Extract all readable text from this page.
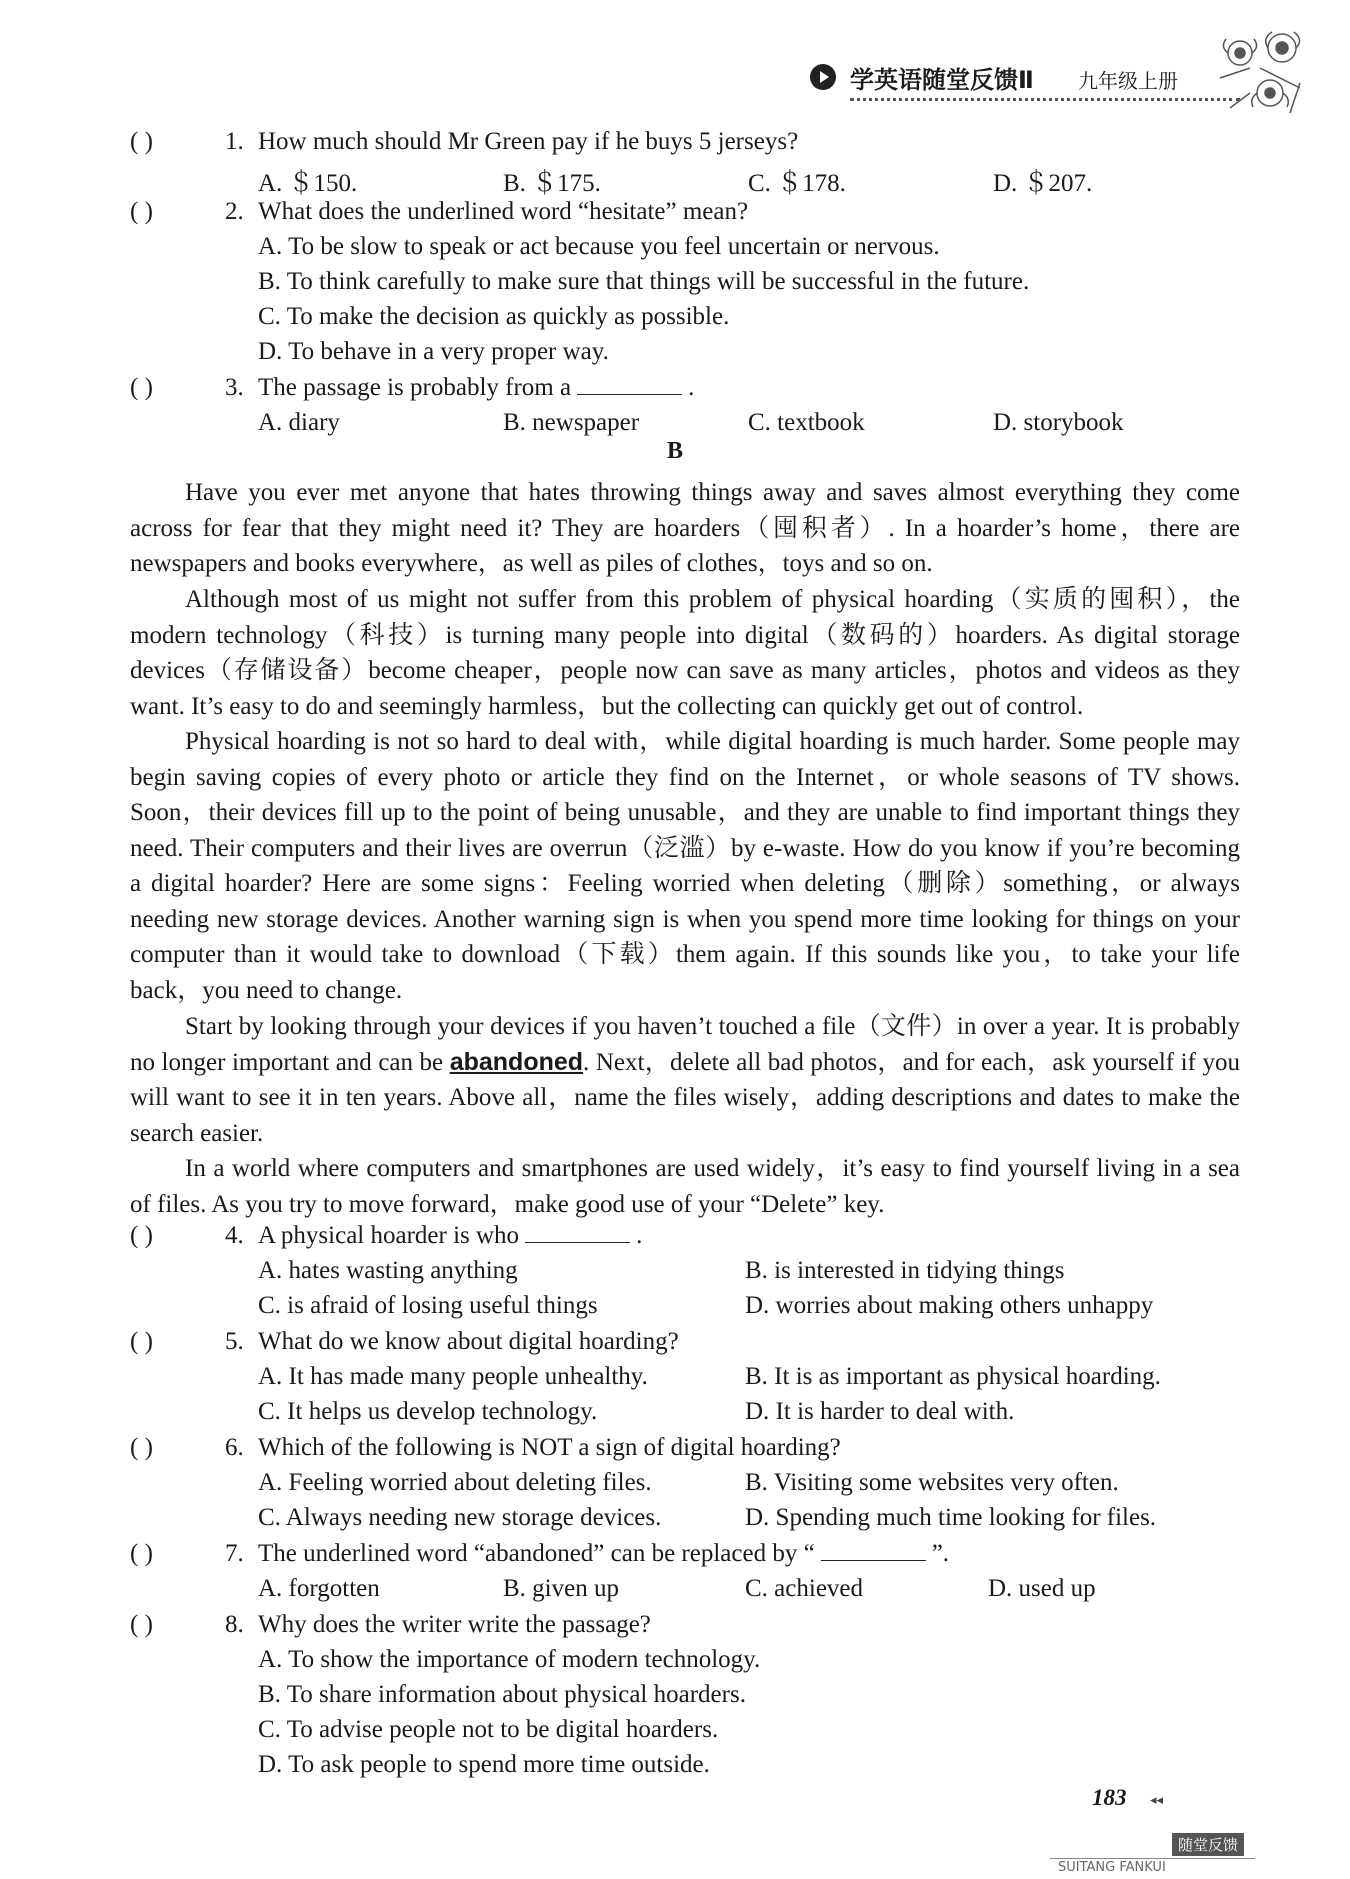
学英语随堂反馈Ⅱ 九年级上册
( )	1. How much should Mr Green pay if he buys 5 jerseys?
A. ＄150.	B. ＄175.	C. ＄178.	D. ＄207.
( )	2. What does the underlined word “hesitate” mean?
A. To be slow to speak or act because you feel uncertain or nervous.
B. To think carefully to make sure that things will be successful in the future.
C. To make the decision as quickly as possible.
D. To behave in a very proper way.
( )	3. The passage is probably from a	.
A. diary	B. newspaper	C. textbook	D. storybook
B
Have you ever met anyone that hates throwing things away and saves almost everything they come across for fear that they might need it? They are hoarders（囤积者）. In a hoarder’s home，there are newspapers and books everywhere，as well as piles of clothes，toys and so on.
Although most of us might not suffer from this problem of physical hoarding（实质的囤积），the modern technology（科技）is turning many people into digital（数码的）hoarders. As digital storage devices（存储设备）become cheaper，people now can save as many articles，photos and videos as they want. It’s easy to do and seemingly harmless，but the collecting can quickly get out of control.
Physical hoarding is not so hard to deal with，while digital hoarding is much harder. Some people may begin saving copies of every photo or article they find on the Internet，or whole seasons of TV shows. Soon，their devices fill up to the point of being unusable，and they are unable to find important things they need. Their computers and their lives are overrun（泛滥）by e-waste. How do you know if you’re becoming a digital hoarder? Here are some signs：Feeling worried when deleting（删除）something，or always needing new storage devices. Another warning sign is when you spend more time looking for things on your computer than it would take to download（下载）them again. If this sounds like you，to take your life back，you need to change.
Start by looking through your devices if you haven’t touched a file（文件）in over a year. It is probably no longer important and can be abandoned. Next，delete all bad photos，and for each，ask yourself if you will want to see it in ten years. Above all，name the files wisely，adding descriptions and dates to make the search easier.
In a world where computers and smartphones are used widely，it’s easy to find yourself living in a sea of files. As you try to move forward，make good use of your “Delete” key.
( )	4. A physical hoarder is who	.
A. hates wasting anything	B. is interested in tidying things
C. is afraid of losing useful things	D. worries about making others unhappy
( )	5. What do we know about digital hoarding?
A. It has made many people unhealthy.	B. It is as important as physical hoarding.
C. It helps us develop technology.	D. It is harder to deal with.
( )	6. Which of the following is NOT a sign of digital hoarding?
A. Feeling worried about deleting files.	B. Visiting some websites very often.
C. Always needing new storage devices.	D. Spending much time looking for files.
( )	7. The underlined word “abandoned” can be replaced by “	”.
A. forgotten	B. given up	C. achieved	D. used up
( )	8. Why does the writer write the passage?
A. To show the importance of modern technology.
B. To share information about physical hoarders.
C. To advise people not to be digital hoarders.
D. To ask people to spend more time outside.
183 ◂◂
随堂反馈
SUITANG FANKUI
